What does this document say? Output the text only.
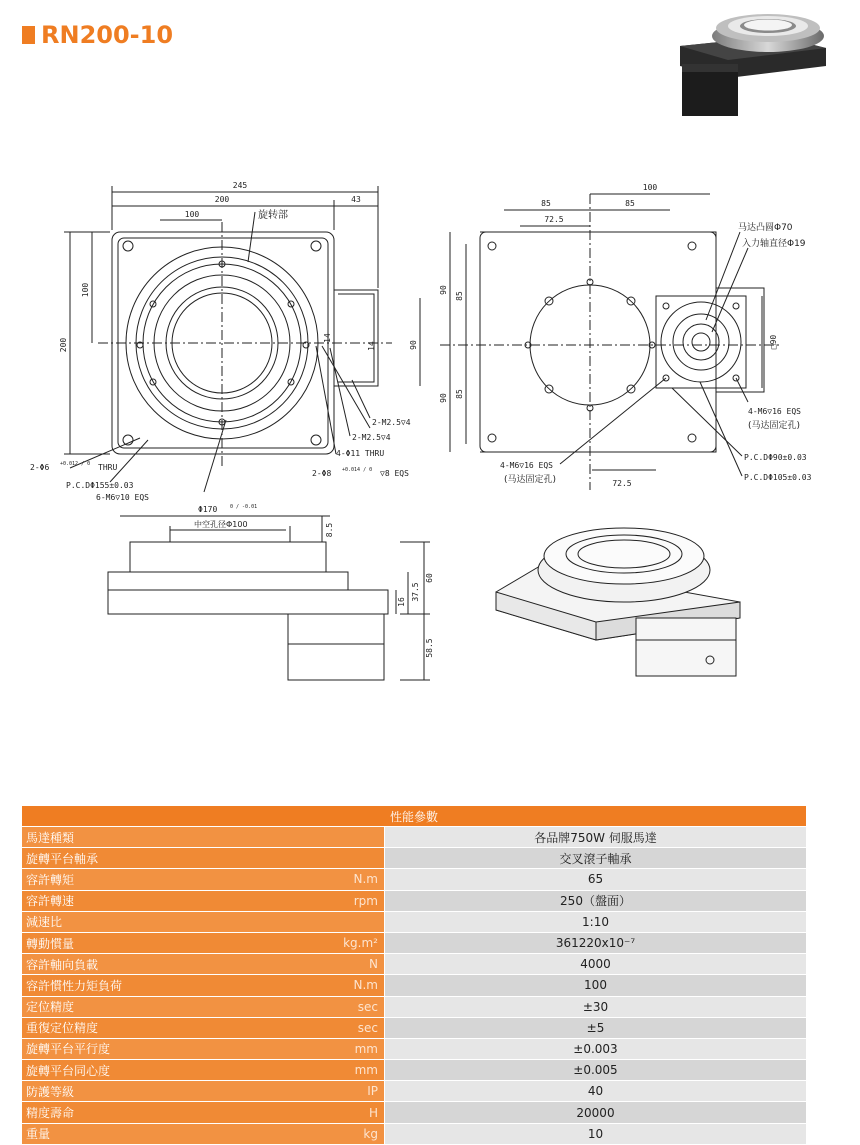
RN200-10
245
200	43
100	旋转部
100
200	90
14
14
2-M2.5▽4
2-M2.5▽4
4-Φ11 THRU
2-Φ6 +0.012 / 0 THRU
2-Φ8 +0.014 / 0 ▽8 EQS
P.C.DΦ155±0.03
6-M6▽10 EQS
85	85
100
72.5
90
90
85
85
□90
72.5
马达凸圆Φ70
入力轴直径Φ19
4-M6▽16 EQS
(马达固定孔)
P.C.DΦ90±0.03
P.C.DΦ105±0.03
4-M6▽16 EQS
(马达固定孔)
Φ170	0 / -0.01
中空孔径Φ100	8.5
37.5
60
16
58.5
性能參數
馬達種類	各品牌750W 伺服馬達
旋轉平台軸承	交叉滾子軸承
容許轉矩	N.m	65
容許轉速	rpm	250（盤面）
減速比	1:10
轉動慣量	kg.m²	361220x10⁻⁷
容許軸向負載	N	4000
容許慣性力矩負荷	N.m	100
定位精度	sec	±30
重復定位精度	sec	±5
旋轉平台平行度	mm	±0.003
旋轉平台同心度	mm	±0.005
防護等級	IP	40
精度壽命	H	20000
重量	kg	10
